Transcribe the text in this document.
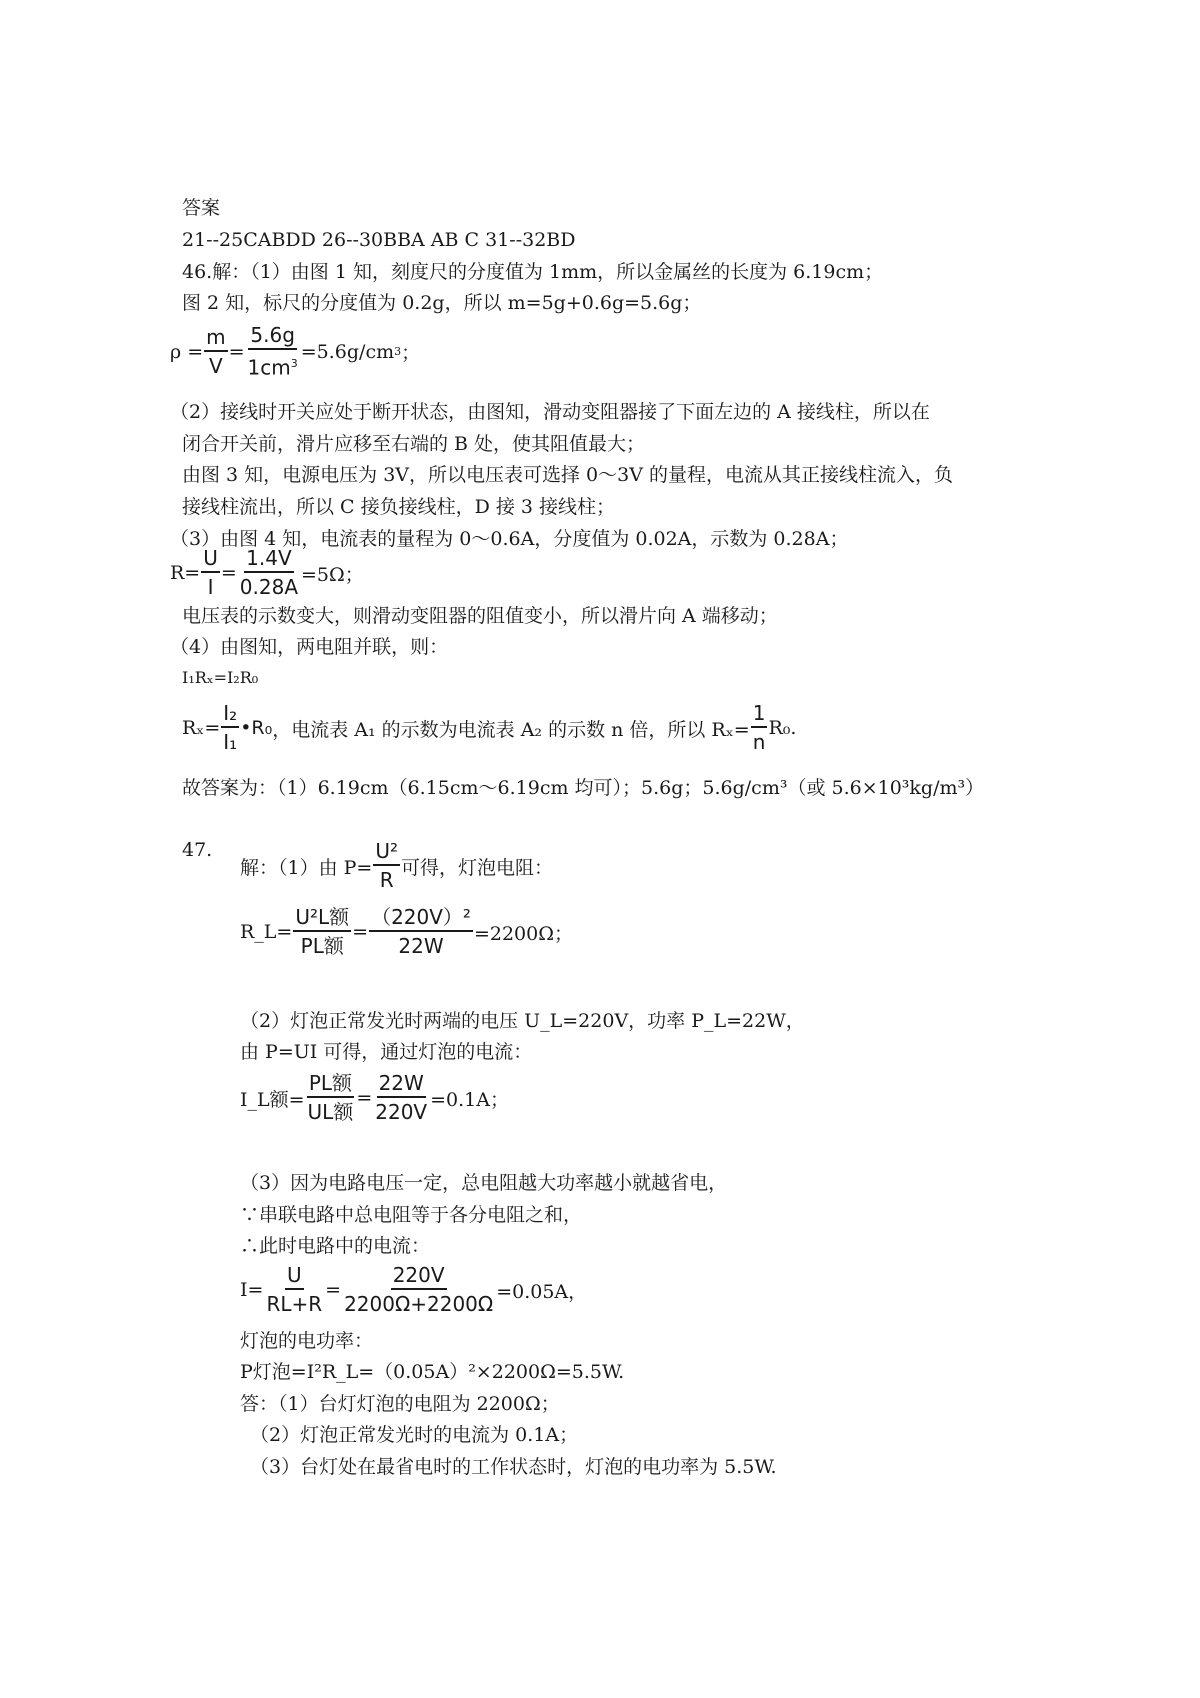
答案
21--25CABDD 26--30BBA AB C 31--32BD
46.解：（1）由图 1 知，刻度尺的分度值为 1mm，所以金属丝的长度为 6.19cm；
图 2 知，标尺的分度值为 0.2g，所以 m=5g+0.6g=5.6g；
$\rho = \frac{m}{V} = \frac{5.6g}{1cm^3} =5.6g/cm$ 3 ；
（2）接线时开关应处于断开状态，由图知，滑动变阻器接了下面左边的 A 接线柱，所以在
闭合开关前，滑片应移至右端的 B 处，使其阻值最大；
由图 3 知，电源电压为 3V，所以电压表可选择 0～3V 的量程，电流从其正接线柱流入，负
接线柱流出，所以 C 接负接线柱，D 接 3 接线柱；
（3）由图 4 知，电流表的量程为 0～0.6A，分度值为 0.02A，示数为 0.28A；
$R= \frac{U}{I} = \frac{1.4V}{0.28A} =5\Omega$；
电压表的示数变大，则滑动变阻器的阻值变小，所以滑片向 A 端移动；
（4）由图知，两电阻并联，则：
I₁Rₓ=I₂R₀
$R_x= \frac{\text{I₂}}{\text{I₁}}$ •R₀ ，电流表 A₁ 的示数为电流表 A₂ 的示数 n 倍，所以 $R_x= \frac{1}{n} R_0$.
故答案为：（1）6.19cm（6.15cm～6.19cm 均可）；5.6g；5.6g/cm³（或 5.6×10³kg/m³）
47.
解：（1）由 $P= \frac{\text{U²}}{R}$ 可得，灯泡电阻：
R_L= $\frac{\text{U²L额}}{\text{PL额}} = \frac{\text{（220V）²}}{22W} =2200\Omega$；
（2）灯泡正常发光时两端的电压 U_L=220V，功率 P_L=22W，
由 P=UI 可得，通过灯泡的电流：
I_L额= $\frac{\text{PL额}}{\text{UL额}} = \frac{22W}{220V} =0.1A$；
（3）因为电路电压一定，总电阻越大功率越小就越省电，
∵串联电路中总电阻等于各分电阻之和，
∴此时电路中的电流：
$I= \frac{U}{RL+R} = \frac{220V}{2200\Omega+2200\Omega} =0.05A$，
灯泡的电功率：
P灯泡=I²R_L=（0.05A）²×2200Ω=5.5W.
答：（1）台灯灯泡的电阻为 2200Ω；
（2）灯泡正常发光时的电流为 0.1A；
（3）台灯处在最省电时的工作状态时，灯泡的电功率为 5.5W.
